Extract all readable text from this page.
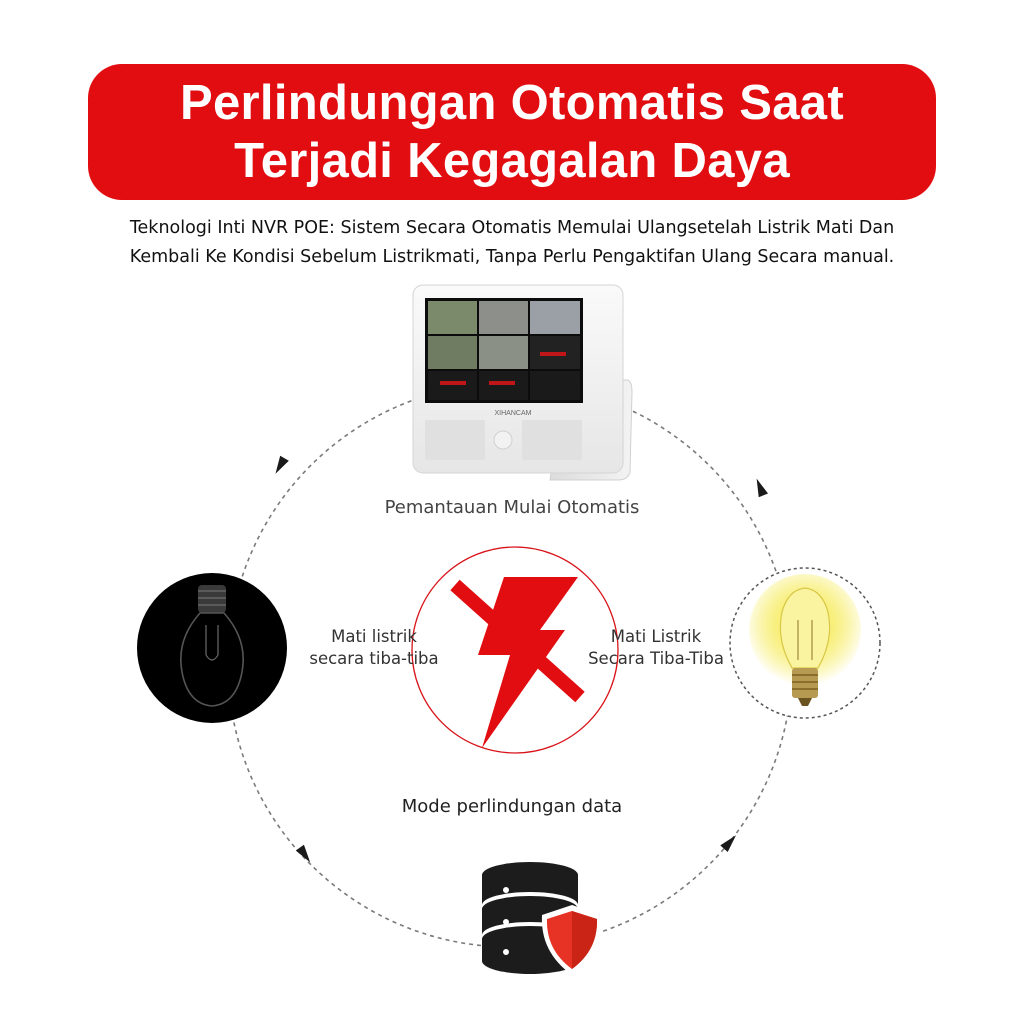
Perlindungan Otomatis Saat
Terjadi Kegagalan Daya
Teknologi Inti NVR POE: Sistem Secara Otomatis Memulai Ulangsetelah Listrik Mati Dan
Kembali Ke Kondisi Sebelum Listrikmati, Tanpa Perlu Pengaktifan Ulang Secara manual.
XIHANCAM
Pemantauan Mulai Otomatis
Mati listrik
secara tiba-tiba
Mati Listrik
Secara Tiba-Tiba
Mode perlindungan data
